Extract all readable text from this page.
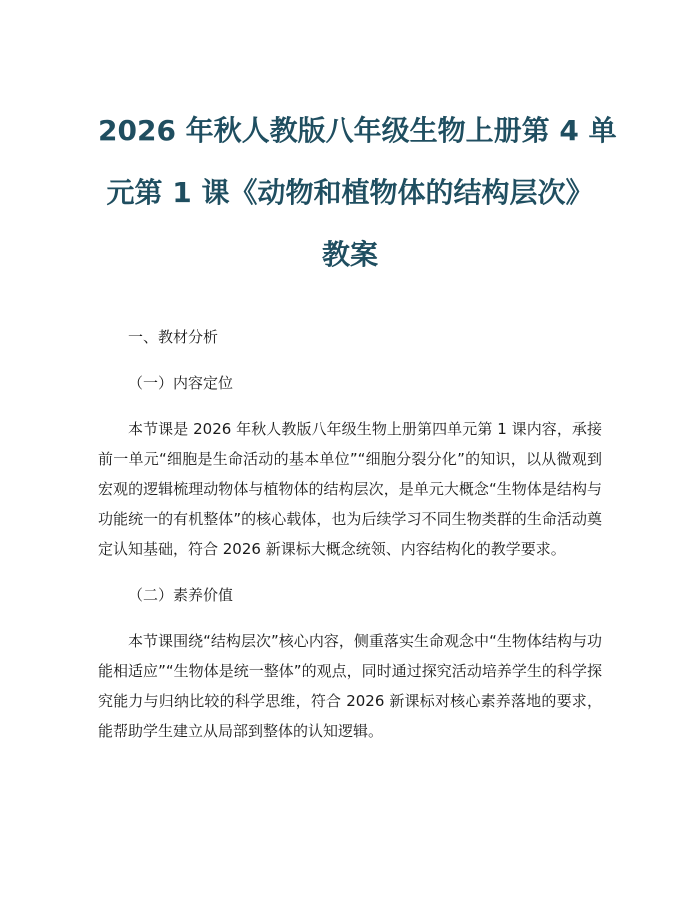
2026 年秋人教版八年级生物上册第 4 单
元第 1 课《动物和植物体的结构层次》
教案
一、教材分析
（一）内容定位

本节课是 2026 年秋人教版八年级生物上册第四单元第 1 课内容，承接前一单元“细胞是生命活动的基本单位”“细胞分裂分化”的知识，以从微观到宏观的逻辑梳理动物体与植物体的结构层次，是单元大概念“生物体是结构与功能统一的有机整体”的核心载体，也为后续学习不同生物类群的生命活动奠定认知基础，符合 2026 新课标大概念统领、内容结构化的教学要求。

（二）素养价值

本节课围绕“结构层次”核心内容，侧重落实生命观念中“生物体结构与功能相适应”“生物体是统一整体”的观点，同时通过探究活动培养学生的科学探究能力与归纳比较的科学思维，符合 2026 新课标对核心素养落地的要求，能帮助学生建立从局部到整体的认知逻辑。
